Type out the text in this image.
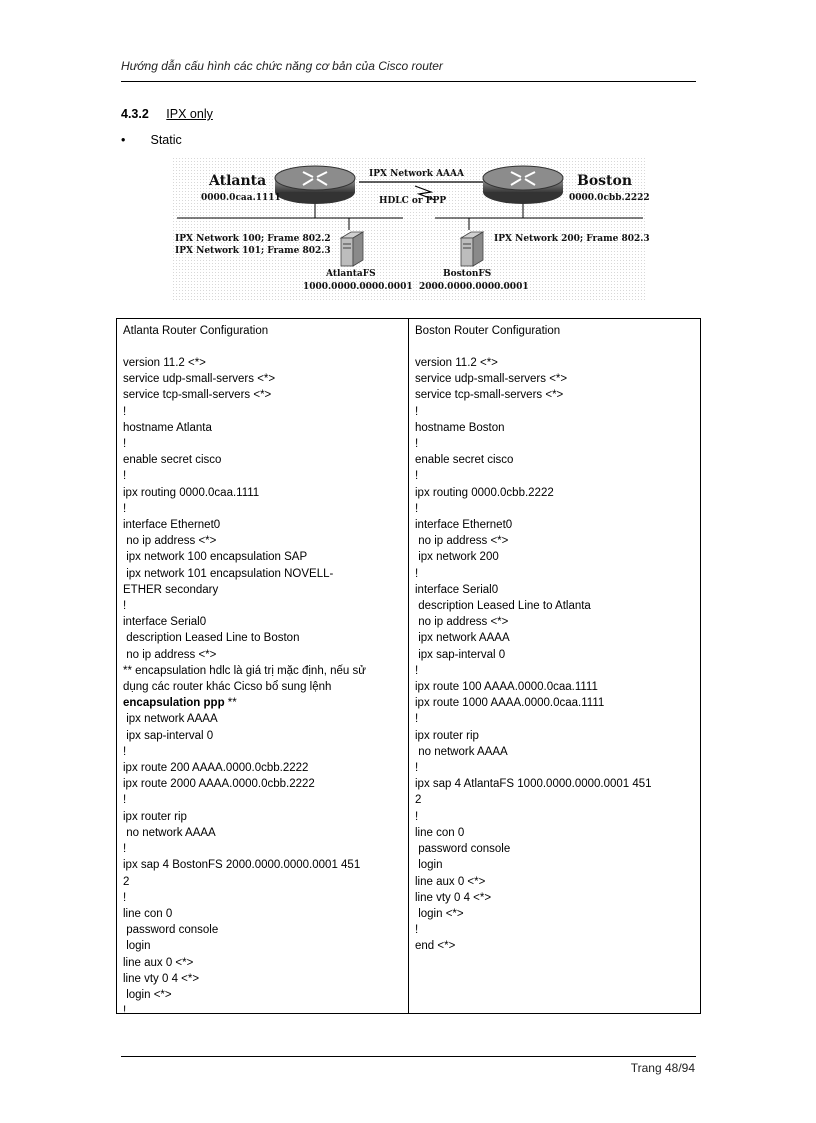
Hướng dẫn cấu hình các chức năng cơ bản của Cisco router
4.3.2 IPX only
• Static
Atlanta
0000.0caa.1111
Boston
0000.0cbb.2222
IPX Network AAAA
HDLC or PPP
IPX Network 100; Frame 802.2
IPX Network 101; Frame 802.3
IPX Network 200; Frame 802.3
AtlantaFS
1000.0000.0000.0001
BostonFS
2000.0000.0000.0001
Atlanta Router Configuration
version 11.2 <*>
service udp-small-servers <*>
service tcp-small-servers <*>
!
hostname Atlanta
!
enable secret cisco
!
ipx routing 0000.0caa.1111
!
interface Ethernet0
no ip address <*>
ipx network 100 encapsulation SAP
ipx network 101 encapsulation NOVELL-
ETHER secondary
!
interface Serial0
description Leased Line to Boston
no ip address <*>
** encapsulation hdlc là giá trị mặc định, nếu sử
dụng các router khác Cicso bổ sung lệnh
encapsulation ppp **
ipx network AAAA
ipx sap-interval 0
!
ipx route 200 AAAA.0000.0cbb.2222
ipx route 2000 AAAA.0000.0cbb.2222
!
ipx router rip
no network AAAA
!
ipx sap 4 BostonFS 2000.0000.0000.0001 451
2
!
line con 0
password console
login
line aux 0 <*>
line vty 0 4 <*>
login <*>
!
Boston Router Configuration
version 11.2 <*>
service udp-small-servers <*>
service tcp-small-servers <*>
!
hostname Boston
!
enable secret cisco
!
ipx routing 0000.0cbb.2222
!
interface Ethernet0
no ip address <*>
ipx network 200
!
interface Serial0
description Leased Line to Atlanta
no ip address <*>
ipx network AAAA
ipx sap-interval 0
!
ipx route 100 AAAA.0000.0caa.1111
ipx route 1000 AAAA.0000.0caa.1111
!
ipx router rip
no network AAAA
!
ipx sap 4 AtlantaFS 1000.0000.0000.0001 451
2
!
line con 0
password console
login
line aux 0 <*>
line vty 0 4 <*>
login <*>
!
end <*>
Trang 48/94
